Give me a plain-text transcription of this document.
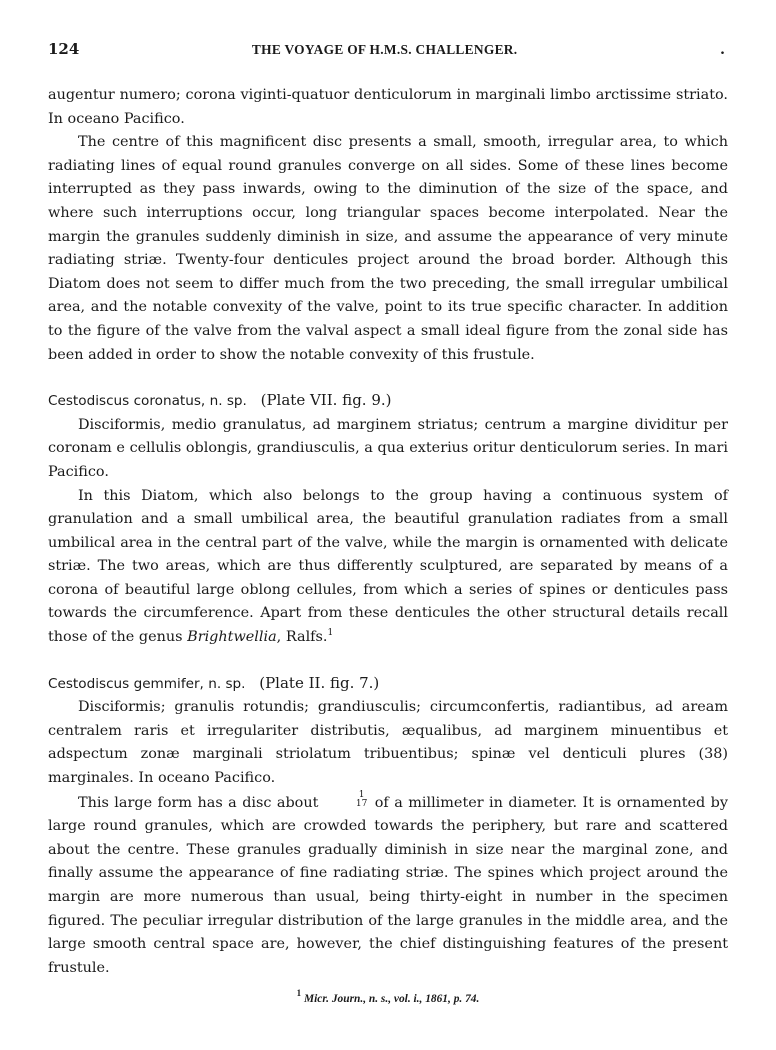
124	THE VOYAGE OF H.M.S. CHALLENGER.	.

augentur numero; corona viginti-quatuor denticulorum in marginali limbo arctissime striato. In oceano Pacifico.

The centre of this magnificent disc presents a small, smooth, irregular area, to which radiating lines of equal round granules converge on all sides. Some of these lines become interrupted as they pass inwards, owing to the diminution of the size of the space, and where such interruptions occur, long triangular spaces become interpolated. Near the margin the granules suddenly diminish in size, and assume the appearance of very minute radiating striæ. Twenty-four denticules project around the broad border. Although this Diatom does not seem to differ much from the two preceding, the small irregular umbilical area, and the notable convexity of the valve, point to its true specific character. In addition to the figure of the valve from the valval aspect a small ideal figure from the zonal side has been added in order to show the notable convexity of this frustule.

Cestodiscus coronatus, n. sp. (Plate VII. fig. 9.)

Disciformis, medio granulatus, ad marginem striatus; centrum a margine dividitur per coronam e cellulis oblongis, grandiusculis, a qua exterius oritur denticulorum series. In mari Pacifico.

In this Diatom, which also belongs to the group having a continuous system of granulation and a small umbilical area, the beautiful granulation radiates from a small umbilical area in the central part of the valve, while the margin is ornamented with delicate striæ. The two areas, which are thus differently sculptured, are separated by means of a corona of beautiful large oblong cellules, from which a series of spines or denticules pass towards the circumference. Apart from these denticules the other structural details recall those of the genus Brightwellia, Ralfs.$^1$

Cestodiscus gemmifer, n. sp. (Plate II. fig. 7.)

Disciformis; granulis rotundis; grandiusculis; circumconfertis, radiantibus, ad aream centralem raris et irregulariter distributis, æqualibus, ad marginem minuentibus et adspectum zonæ marginali striolatum tribuentibus; spinæ vel denticuli plures (38) marginales. In oceano Pacifico.

This large form has a disc about	1
17 of a millimeter in diameter. It is ornamented by large round granules, which are crowded towards the periphery, but rare and scattered about the centre. These granules gradually diminish in size near the marginal zone, and finally assume the appearance of fine radiating striæ. The spines which project around the margin are more numerous than usual, being thirty-eight in number in the specimen figured. The peculiar irregular distribution of the large granules in the middle area, and the large smooth central space are, however, the chief distinguishing features of the present frustule.

$^1$ Micr. Journ., n. s., vol. i., 1861, p. 74.
